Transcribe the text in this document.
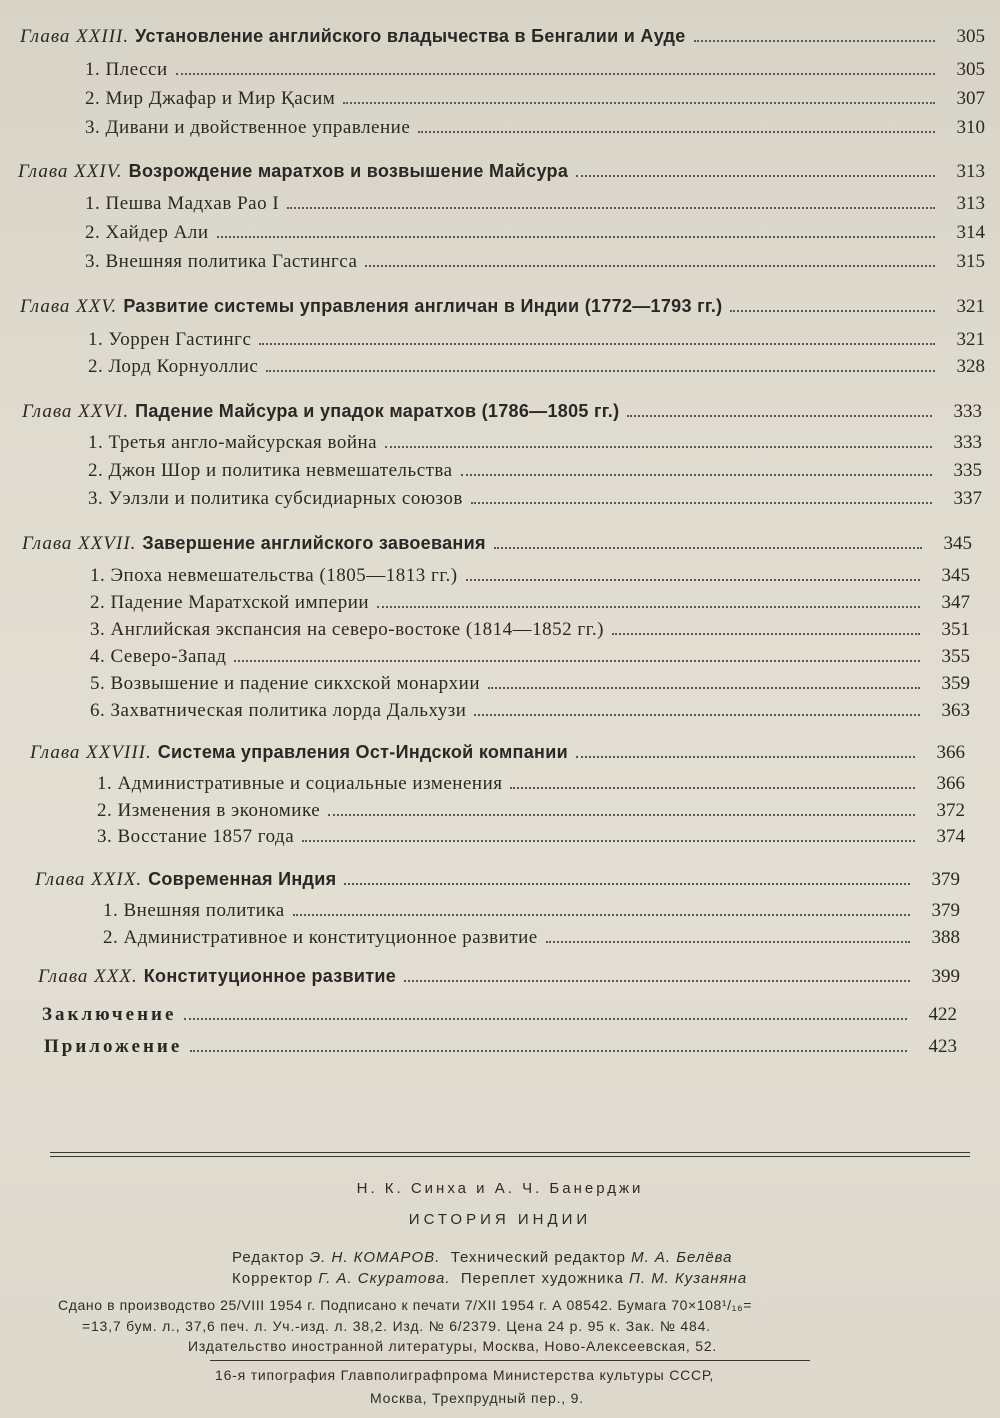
Глава XXIII. Установление английского владычества в Бенгалии и Ауде	305
1. Плесси	305
2. Мир Джафар и Мир Қасим	307
3. Дивани и двойственное управление	310
Глава XXIV. Возрождение маратхов и возвышение Майсура	313
1. Пешва Мадхав Рао I	313
2. Хайдер Али	314
3. Внешняя политика Гастингса	315
Глава XXV. Развитие системы управления англичан в Индии (1772—1793 гг.)	321
1. Уоррен Гастингс	321
2. Лорд Корнуоллис	328
Глава XXVI. Падение Майсура и упадок маратхов (1786—1805 гг.)	333
1. Третья англо-майсурская война	333
2. Джон Шор и политика невмешательства	335
3. Уэлзли и политика субсидиарных союзов	337
Глава XXVII. Завершение английского завоевания	345
1. Эпоха невмешательства (1805—1813 гг.)	345
2. Падение Маратхской империи	347
3. Английская экспансия на северо-востоке (1814—1852 гг.)	351
4. Северо-Запад	355
5. Возвышение и падение сикхской монархии	359
6. Захватническая политика лорда Дальхузи	363
Глава XXVIII. Система управления Ост-Индской компании	366
1. Административные и социальные изменения	366
2. Изменения в экономике	372
3. Восстание 1857 года	374
Глава XXIX. Современная Индия	379
1. Внешняя политика	379
2. Административное и конституционное развитие	388
Глава XXX. Конституционное развитие	399
Заключение	422
Приложение	423
Н. К. Синха и А. Ч. Банерджи
ИСТОРИЯ ИНДИИ
Редактор Э. Н. КОМАРОВ. Технический редактор М. А. Белёва
Корректор Г. А. Скуратова. Переплет художника П. М. Кузаняна
Сдано в производство 25/VIII 1954 г. Подписано к печати 7/XII 1954 г. А 08542. Бумага 70×108¹/₁₆=
=13,7 бум. л., 37,6 печ. л. Уч.-изд. л. 38,2. Изд. № 6/2379. Цена 24 р. 95 к. Зак. № 484.
Издательство иностранной литературы, Москва, Ново-Алексеевская, 52.
16-я типография Главполиграфпрома Министерства культуры СССР,
Москва, Трехпрудный пер., 9.
